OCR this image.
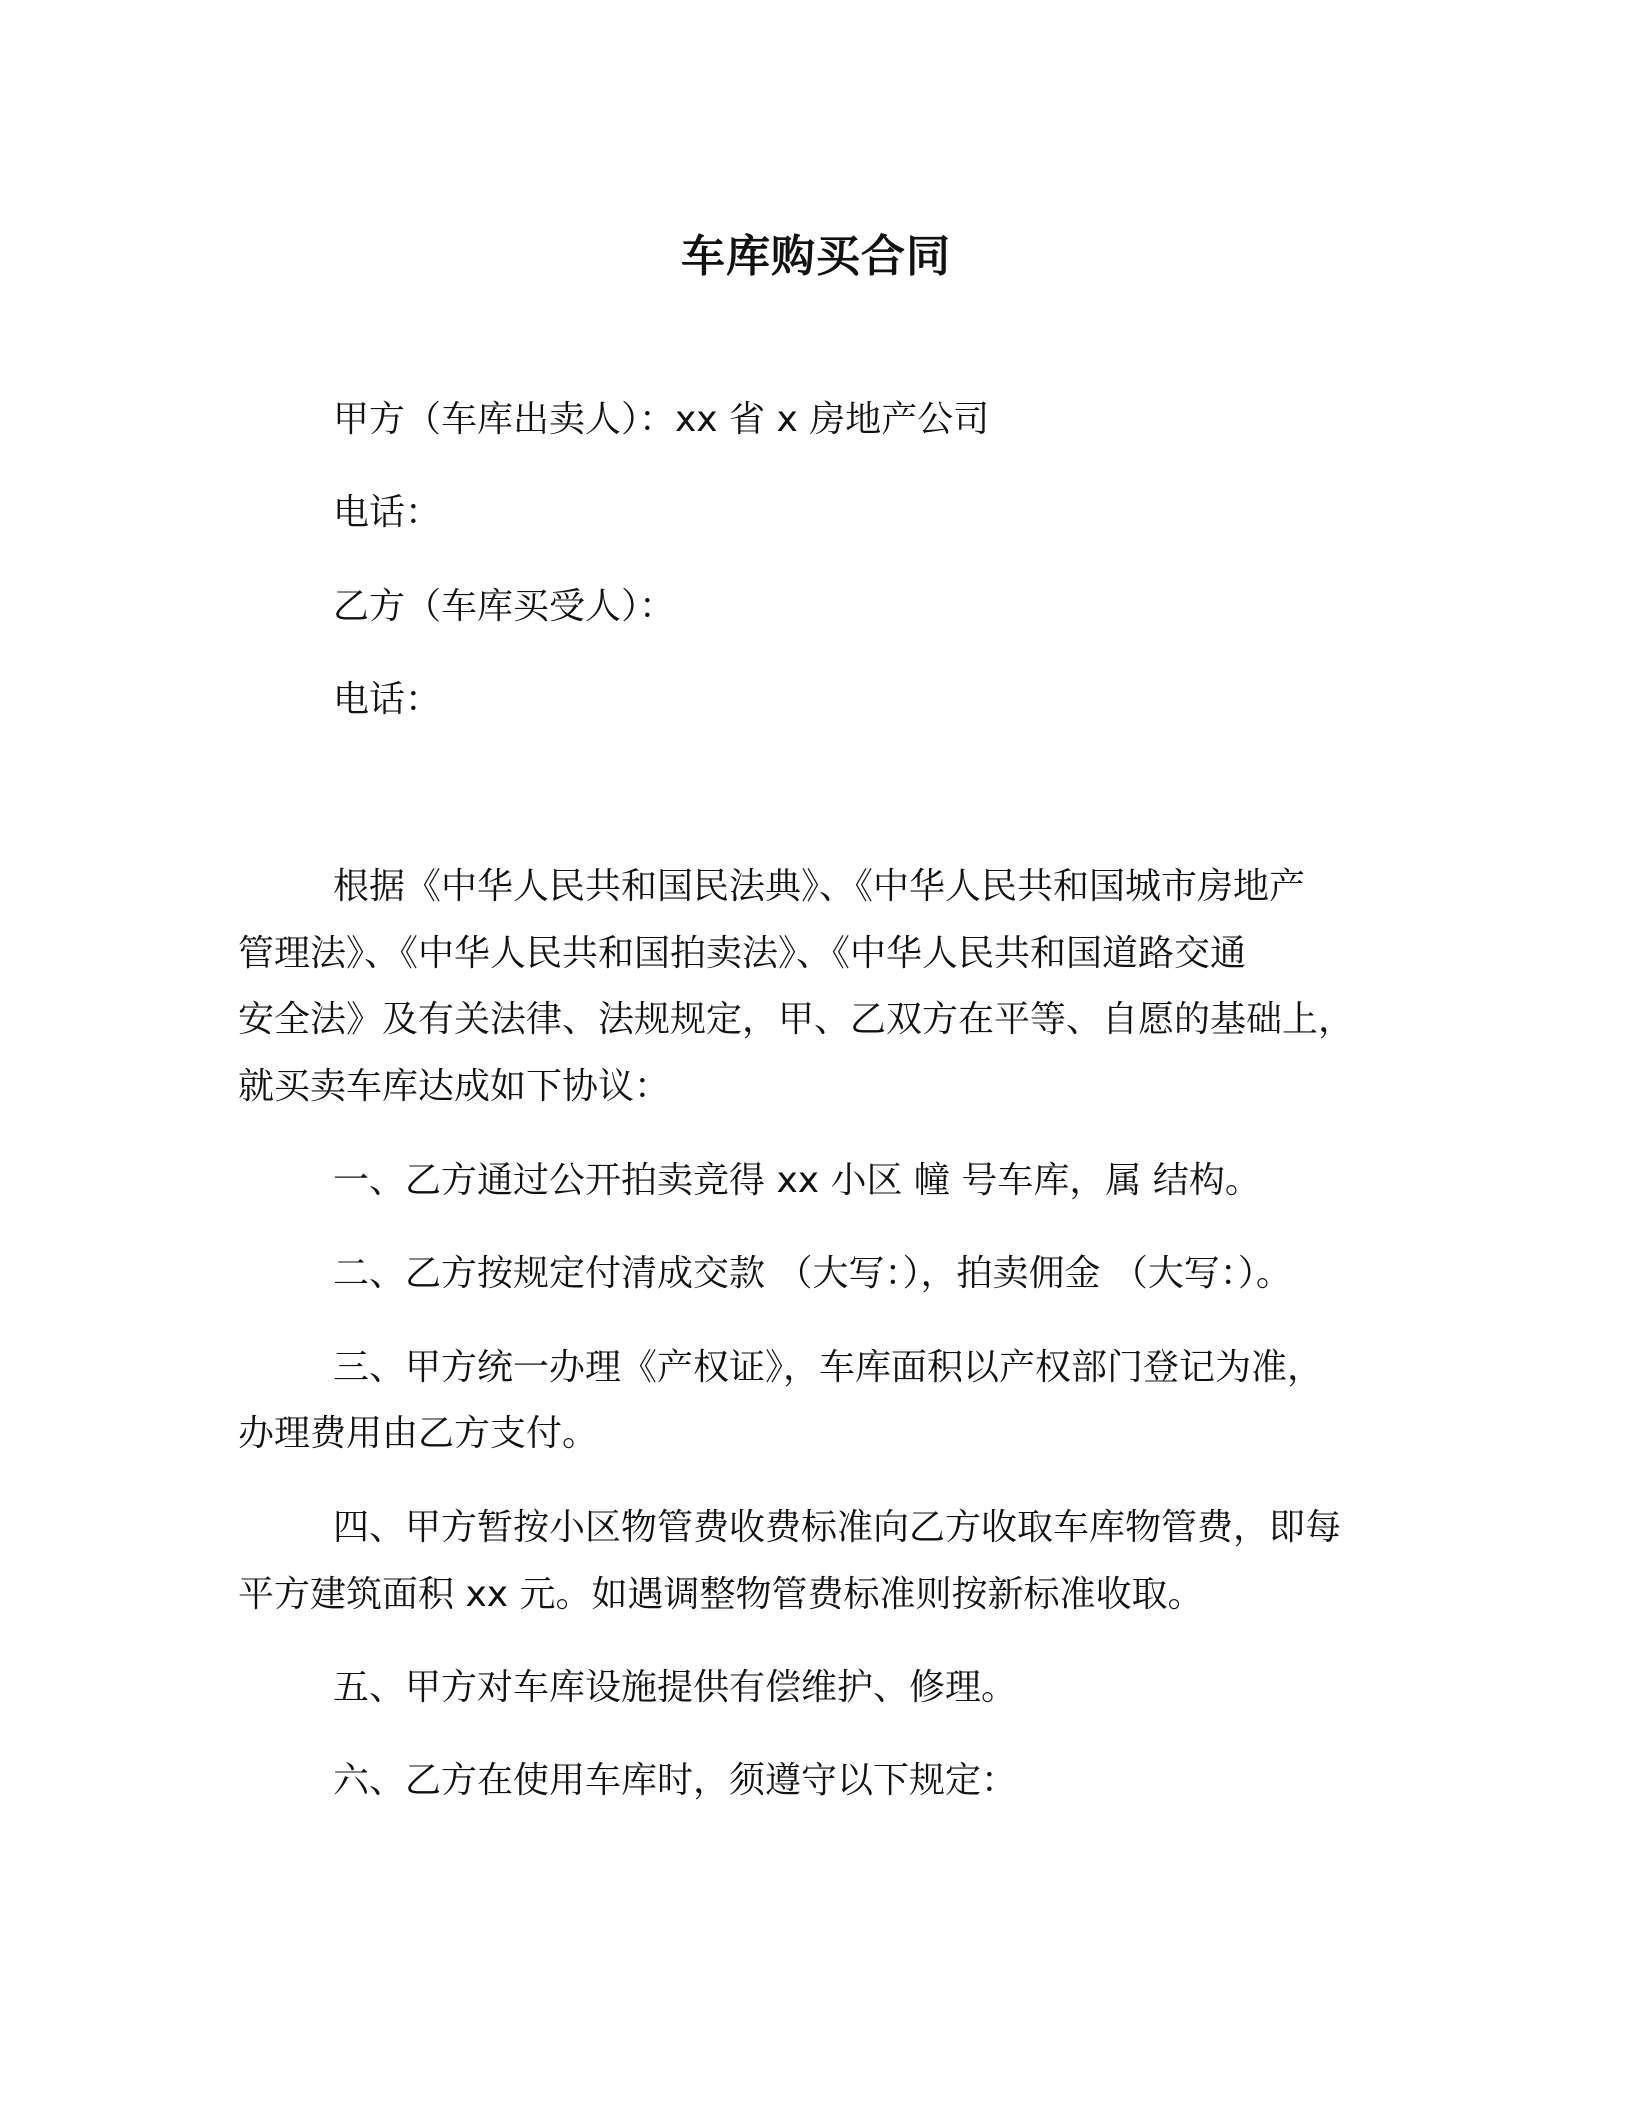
车库购买合同
甲方（车库出卖人）：xx 省 x 房地产公司
电话：
乙方（车库买受人）：
电话：
根据《中华人民共和国民法典》、《中华人民共和国城市房地产
管理法》、《中华人民共和国拍卖法》、《中华人民共和国道路交通
安全法》及有关法律、法规规定，甲、乙双方在平等、自愿的基础上，
就买卖车库达成如下协议：
一、乙方通过公开拍卖竞得 xx 小区 幢 号车库，属 结构。
二、乙方按规定付清成交款 （大写：），拍卖佣金 （大写：）。
三、甲方统一办理《产权证》，车库面积以产权部门登记为准，
办理费用由乙方支付。
四、甲方暂按小区物管费收费标准向乙方收取车库物管费，即每
平方建筑面积 xx 元。如遇调整物管费标准则按新标准收取。
五、甲方对车库设施提供有偿维护、修理。
六、乙方在使用车库时，须遵守以下规定：
